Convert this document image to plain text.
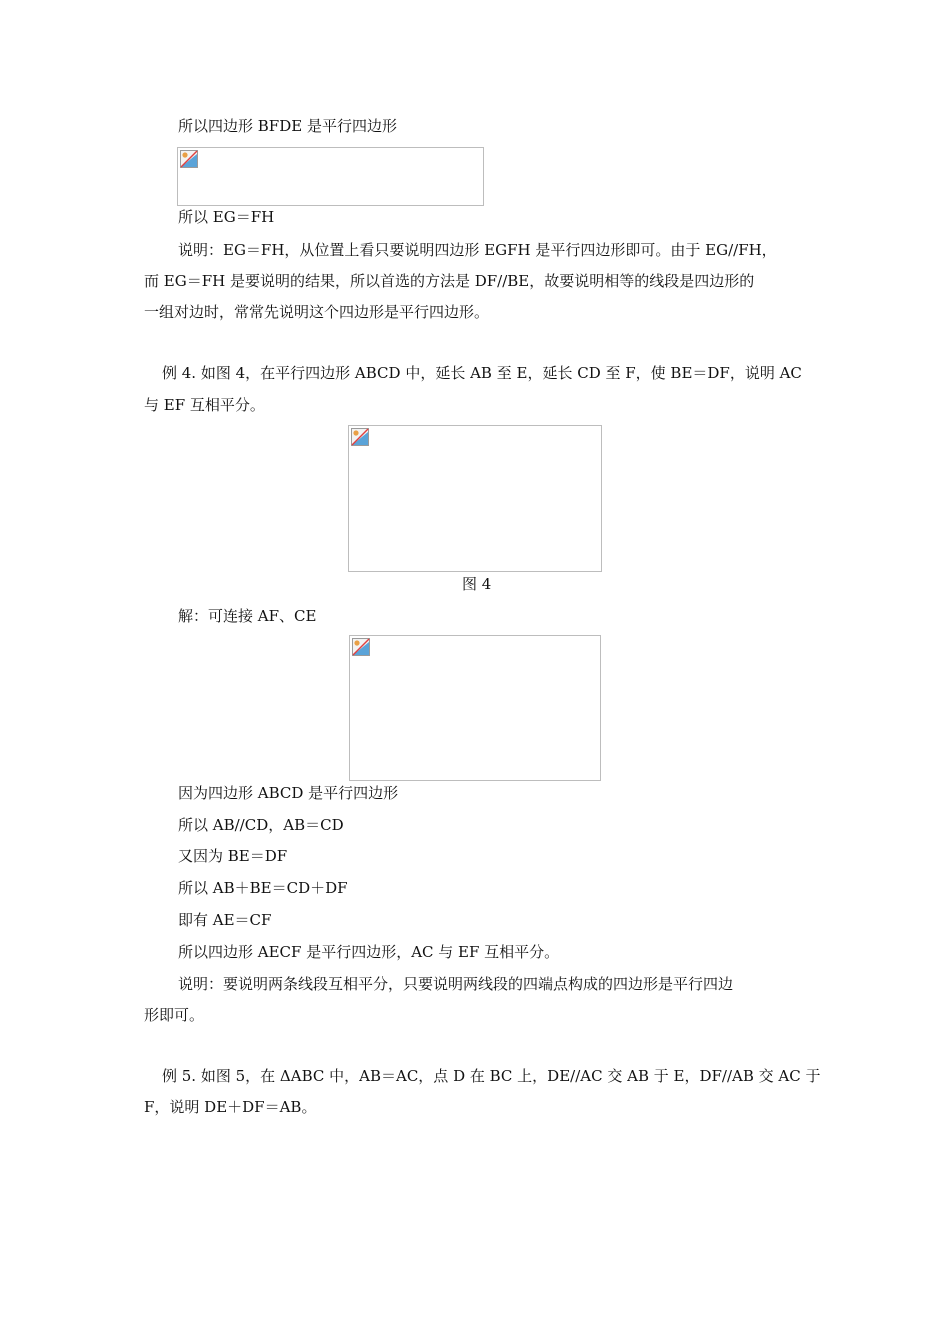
所以四边形 BFDE 是平行四边形
所以 EG＝FH
说明：EG＝FH，从位置上看只要说明四边形 EGFH 是平行四边形即可。由于 EG//FH，
而 EG＝FH 是要说明的结果，所以首选的方法是 DF//BE，故要说明相等的线段是四边形的
一组对边时，常常先说明这个四边形是平行四边形。
例 4. 如图 4，在平行四边形 ABCD 中，延长 AB 至 E，延长 CD 至 F，使 BE＝DF，说明 AC
与 EF 互相平分。
图 4
解：可连接 AF、CE
因为四边形 ABCD 是平行四边形
所以 AB//CD，AB＝CD
又因为 BE＝DF
所以 AB＋BE＝CD＋DF
即有 AE＝CF
所以四边形 AECF 是平行四边形，AC 与 EF 互相平分。
说明：要说明两条线段互相平分，只要说明两线段的四端点构成的四边形是平行四边
形即可。
例 5. 如图 5，在 ΔABC 中，AB＝AC，点 D 在 BC 上，DE//AC 交 AB 于 E，DF//AB 交 AC 于
F，说明 DE＋DF＝AB。
